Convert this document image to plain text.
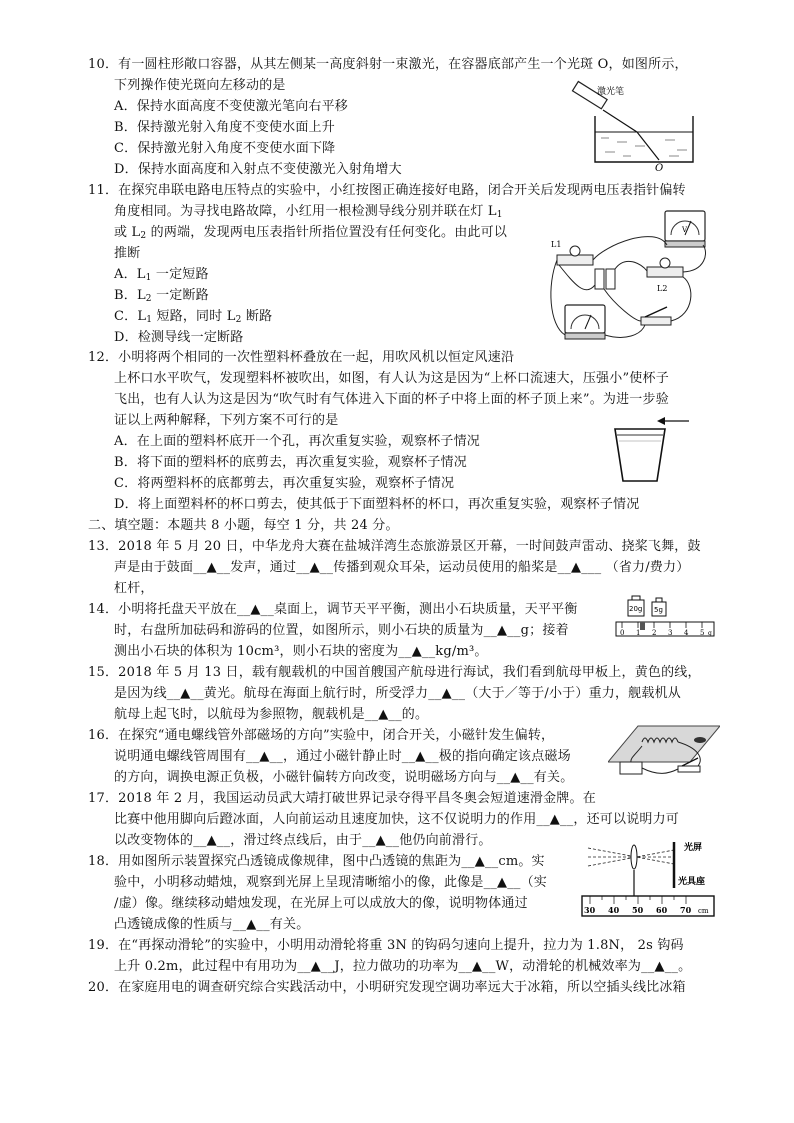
10．有一圆柱形敞口容器，从其左侧某一高度斜射一束激光，在容器底部产生一个光斑 O，如图所示，
下列操作使光斑向左移动的是
A．保持水面高度不变使激光笔向右平移
B．保持激光射入角度不变使水面上升
C．保持激光射入角度不变使水面下降
D．保持水面高度和入射点不变使激光入射角增大
激光笔
O
11．在探究串联电路电压特点的实验中，小红按图正确连接好电路，闭合开关后发现两电压表指针偏转
角度相同。为寻找电路故障，小红用一根检测导线分别并联在灯 $L_1$
或 $L_2$ 的两端，发现两电压表指针所指位置没有任何变化。由此可以
推断
A．$L_1$ 一定短路
B．$L_2$ 一定断路
C．$L_1$ 短路，同时 $L_2$ 断路
D．检测导线一定断路
V
L1
L2
12．小明将两个相同的一次性塑料杯叠放在一起，用吹风机以恒定风速沿
上杯口水平吹气，发现塑料杯被吹出，如图，有人认为这是因为“上杯口流速大，压强小”使杯子
飞出，也有人认为这是因为“吹气时有气体进入下面的杯子中将上面的杯子顶上来”。为进一步验
证以上两种解释，下列方案不可行的是
A．在上面的塑料杯底开一个孔，再次重复实验，观察杯子情况
B．将下面的塑料杯的底剪去，再次重复实验，观察杯子情况
C．将两塑料杯的底都剪去，再次重复实验，观察杯子情况
D．将上面塑料杯的杯口剪去，使其低于下面塑料杯的杯口，再次重复实验，观察杯子情况
二、填空题：本题共 8 小题，每空 1 分，共 24 分。
13．2018 年 5 月 20 日，中华龙舟大赛在盐城洋湾生态旅游景区开幕，一时间鼓声雷动、挠桨飞舞，鼓
声是由于鼓面__▲__发声，通过__▲__传播到观众耳朵，运动员使用的船桨是__▲___ （省力/费力）
杠杆，
14．小明将托盘天平放在__▲__桌面上，调节天平平衡，测出小石块质量，天平平衡
时，右盘所加砝码和游码的位置，如图所示，则小石块的质量为__▲__g；接着
测出小石块的体积为 10cm³，则小石块的密度为__▲__kg/m³。
20g 5g
0 1 2 3 4 5 g
15．2018 年 5 月 13 日，载有舰载机的中国首艘国产航母进行海试，我们看到航母甲板上，黄色的线，
是因为线__▲__黄光。航母在海面上航行时，所受浮力__▲__（大于／等于/小于）重力，舰载机从
航母上起飞时，以航母为参照物，舰载机是__▲__的。
16．在探究“通电螺线管外部磁场的方向”实验中，闭合开关，小磁针发生偏转，
说明通电螺线管周围有__▲__，通过小磁针静止时__▲__极的指向确定该点磁场
的方向，调换电源正负极，小磁针偏转方向改变，说明磁场方向与__▲__有关。
17．2018 年 2 月，我国运动员武大靖打破世界记录夺得平昌冬奥会短道速滑金牌。在
比赛中他用脚向后蹬冰面，人向前运动且速度加快，这不仅说明力的作用__▲__，还可以说明力可
以改变物体的__▲__，滑过终点线后，由于__▲__他仍向前滑行。
18．用如图所示装置探究凸透镜成像规律，图中凸透镜的焦距为__▲__cm。实
验中，小明移动蜡烛，观察到光屏上呈现清晰缩小的像，此像是__▲__（实
/虚）像。继续移动蜡烛发现，在光屏上可以成放大的像，说明物体通过
凸透镜成像的性质与__▲__有关。
光屏
光具座
30 40 50 60 70 cm
19．在“再探动滑轮”的实验中，小明用动滑轮将重 3N 的钩码匀速向上提升，拉力为 1.8N， 2s 钩码
上升 0.2m，此过程中有用功为__▲__J，拉力做功的功率为__▲__W，动滑轮的机械效率为__▲__。
20．在家庭用电的调查研究综合实践活动中，小明研究发现空调功率远大于冰箱，所以空插头线比冰箱
